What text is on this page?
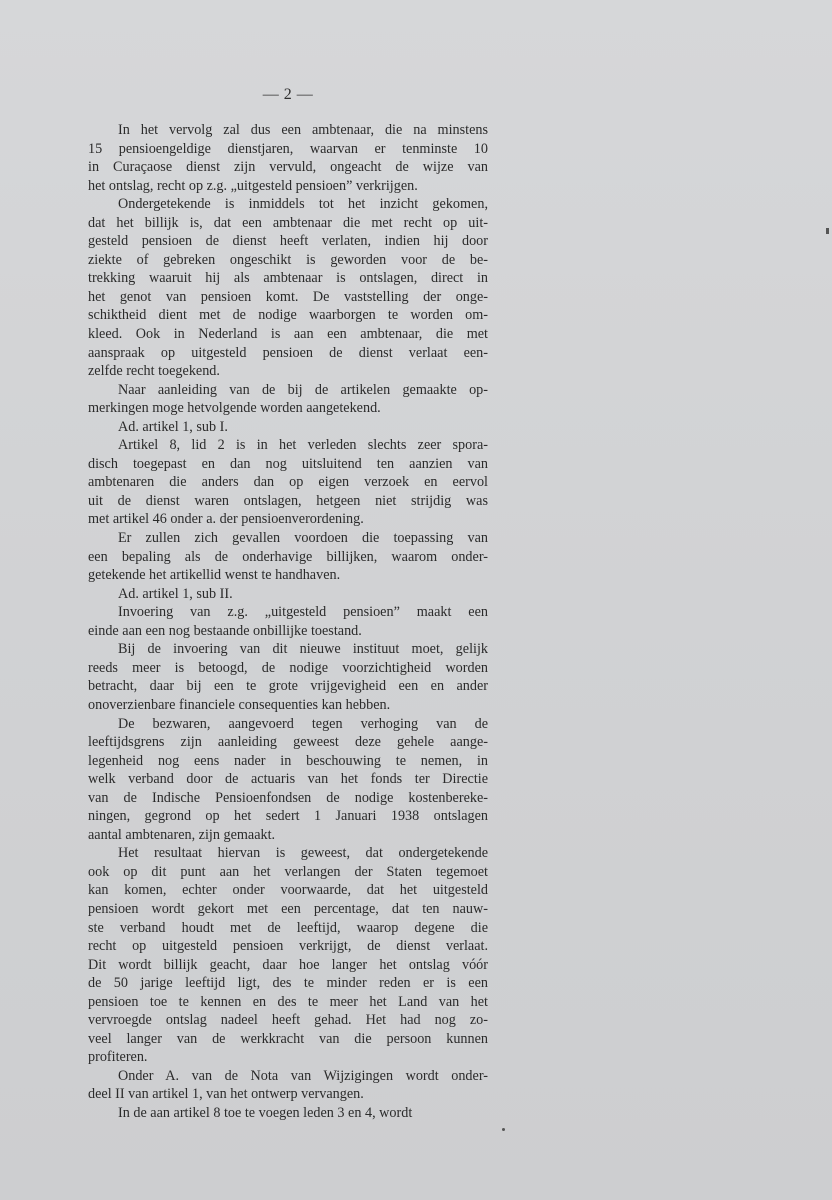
— 2 —
In het vervolg zal dus een ambtenaar, die na minstens
15 pensioengeldige dienstjaren, waarvan er tenminste 10
in Curaçaose dienst zijn vervuld, ongeacht de wijze van
het ontslag, recht op z.g. „uitgesteld pensioen” verkrijgen.
Ondergetekende is inmiddels tot het inzicht gekomen,
dat het billijk is, dat een ambtenaar die met recht op uit-
gesteld pensioen de dienst heeft verlaten, indien hij door
ziekte of gebreken ongeschikt is geworden voor de be-
trekking waaruit hij als ambtenaar is ontslagen, direct in
het genot van pensioen komt. De vaststelling der onge-
schiktheid dient met de nodige waarborgen te worden om-
kleed. Ook in Nederland is aan een ambtenaar, die met
aanspraak op uitgesteld pensioen de dienst verlaat een-
zelfde recht toegekend.
Naar aanleiding van de bij de artikelen gemaakte op-
merkingen moge hetvolgende worden aangetekend.
Ad. artikel 1, sub I.
Artikel 8, lid 2 is in het verleden slechts zeer spora-
disch toegepast en dan nog uitsluitend ten aanzien van
ambtenaren die anders dan op eigen verzoek en eervol
uit de dienst waren ontslagen, hetgeen niet strijdig was
met artikel 46 onder a. der pensioenverordening.
Er zullen zich gevallen voordoen die toepassing van
een bepaling als de onderhavige billijken, waarom onder-
getekende het artikellid wenst te handhaven.
Ad. artikel 1, sub II.
Invoering van z.g. „uitgesteld pensioen” maakt een
einde aan een nog bestaande onbillijke toestand.
Bij de invoering van dit nieuwe instituut moet, gelijk
reeds meer is betoogd, de nodige voorzichtigheid worden
betracht, daar bij een te grote vrijgevigheid een en ander
onoverzienbare financiele consequenties kan hebben.
De bezwaren, aangevoerd tegen verhoging van de
leeftijdsgrens zijn aanleiding geweest deze gehele aange-
legenheid nog eens nader in beschouwing te nemen, in
welk verband door de actuaris van het fonds ter Directie
van de Indische Pensioenfondsen de nodige kostenbereke-
ningen, gegrond op het sedert 1 Januari 1938 ontslagen
aantal ambtenaren, zijn gemaakt.
Het resultaat hiervan is geweest, dat ondergetekende
ook op dit punt aan het verlangen der Staten tegemoet
kan komen, echter onder voorwaarde, dat het uitgesteld
pensioen wordt gekort met een percentage, dat ten nauw-
ste verband houdt met de leeftijd, waarop degene die
recht op uitgesteld pensioen verkrijgt, de dienst verlaat.
Dit wordt billijk geacht, daar hoe langer het ontslag vóór
de 50 jarige leeftijd ligt, des te minder reden er is een
pensioen toe te kennen en des te meer het Land van het
vervroegde ontslag nadeel heeft gehad. Het had nog zo-
veel langer van de werkkracht van die persoon kunnen
profiteren.
Onder A. van de Nota van Wijzigingen wordt onder-
deel II van artikel 1, van het ontwerp vervangen.
In de aan artikel 8 toe te voegen leden 3 en 4, wordt
